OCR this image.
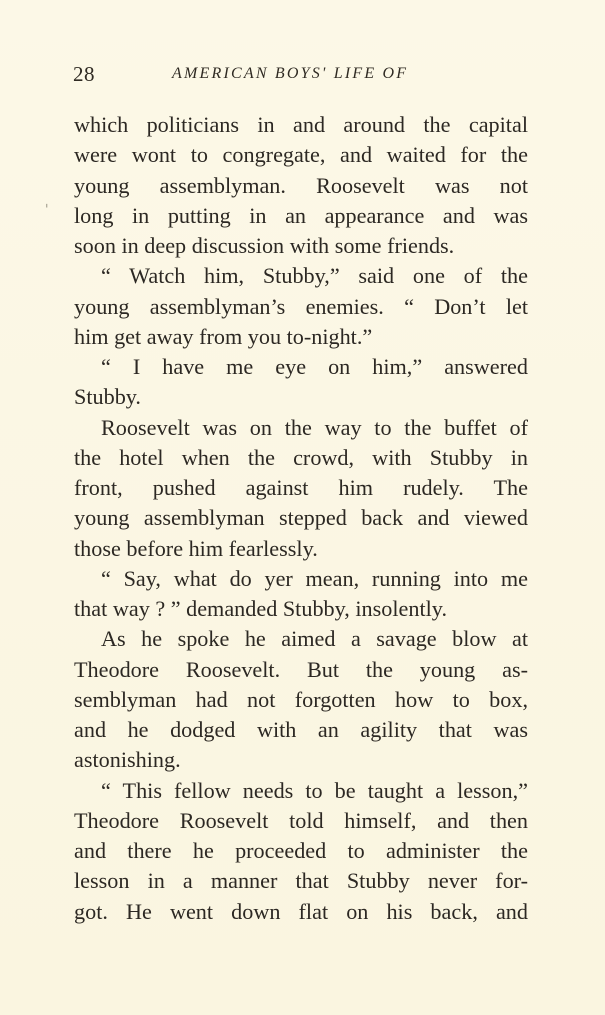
28	AMERICAN BOYS' LIFE OF
ˈ
which politicians in and around the capital
were wont to congregate, and waited for the
young assemblyman. Roosevelt was not
long in putting in an appearance and was
soon in deep discussion with some friends.
“ Watch him, Stubby,” said one of the
young assemblyman’s enemies. “ Don’t let
him get away from you to-night.”
“ I have me eye on him,” answered
Stubby.
Roosevelt was on the way to the buffet of
the hotel when the crowd, with Stubby in
front, pushed against him rudely. The
young assemblyman stepped back and viewed
those before him fearlessly.
“ Say, what do yer mean, running into me
that way ? ” demanded Stubby, insolently.
As he spoke he aimed a savage blow at
Theodore Roosevelt. But the young as-
semblyman had not forgotten how to box,
and he dodged with an agility that was
astonishing.
“ This fellow needs to be taught a lesson,”
Theodore Roosevelt told himself, and then
and there he proceeded to administer the
lesson in a manner that Stubby never for-
got. He went down flat on his back, and
